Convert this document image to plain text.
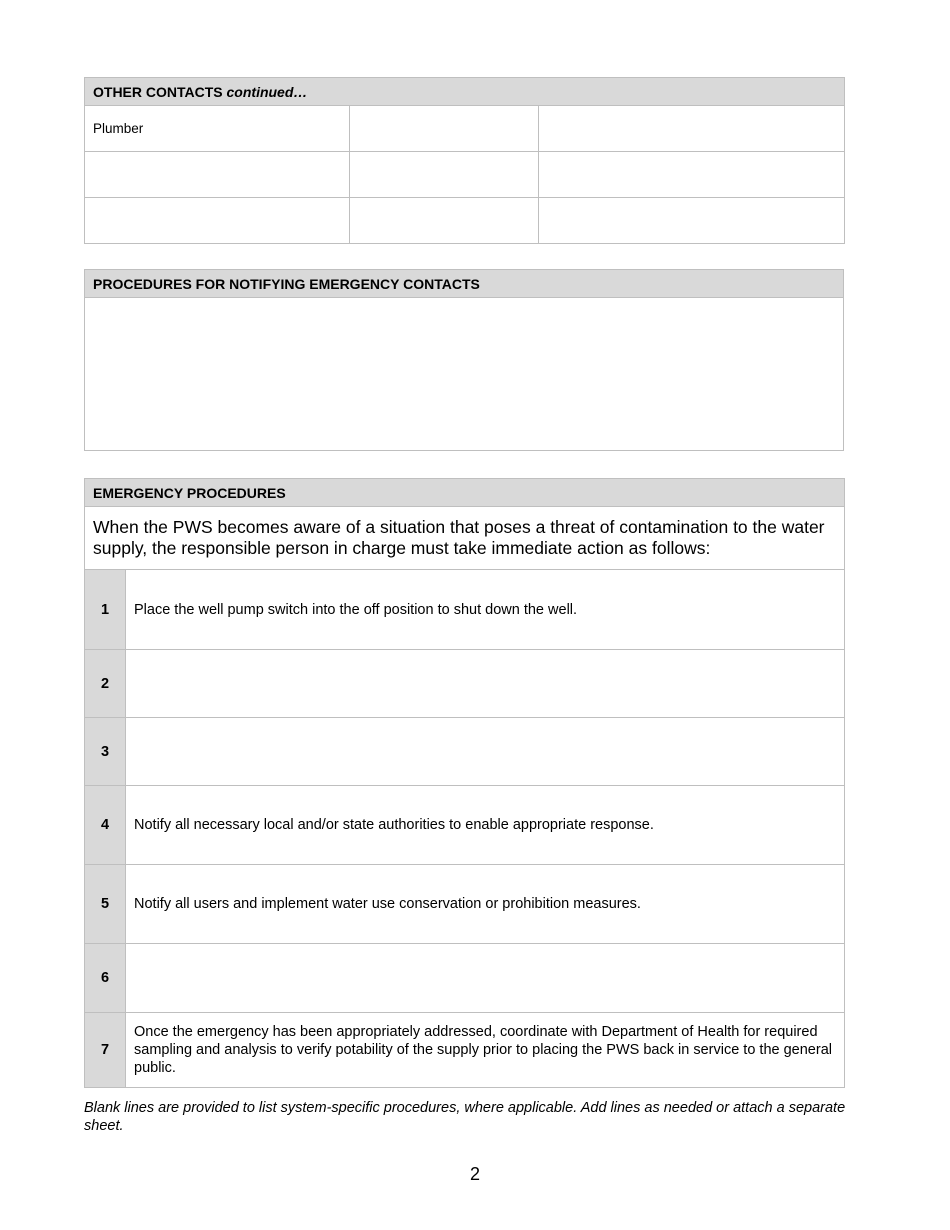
OTHER CONTACTS continued…		
Plumber		

PROCEDURES FOR NOTIFYING EMERGENCY CONTACTS

EMERGENCY PROCEDURES	
When the PWS becomes aware of a situation that poses a threat of contamination to the water supply, the responsible person in charge must take immediate action as follows:	
1	Place the well pump switch into the off position to shut down the well.
2	
3	
4	Notify all necessary local and/or state authorities to enable appropriate response.
5	Notify all users and implement water use conservation or prohibition measures.
6	
7	Once the emergency has been appropriately addressed, coordinate with Department of Health for required sampling and analysis to verify potability of the supply prior to placing the PWS back in service to the general public.
Blank lines are provided to list system-specific procedures, where applicable. Add lines as needed or attach a separate sheet.
2
